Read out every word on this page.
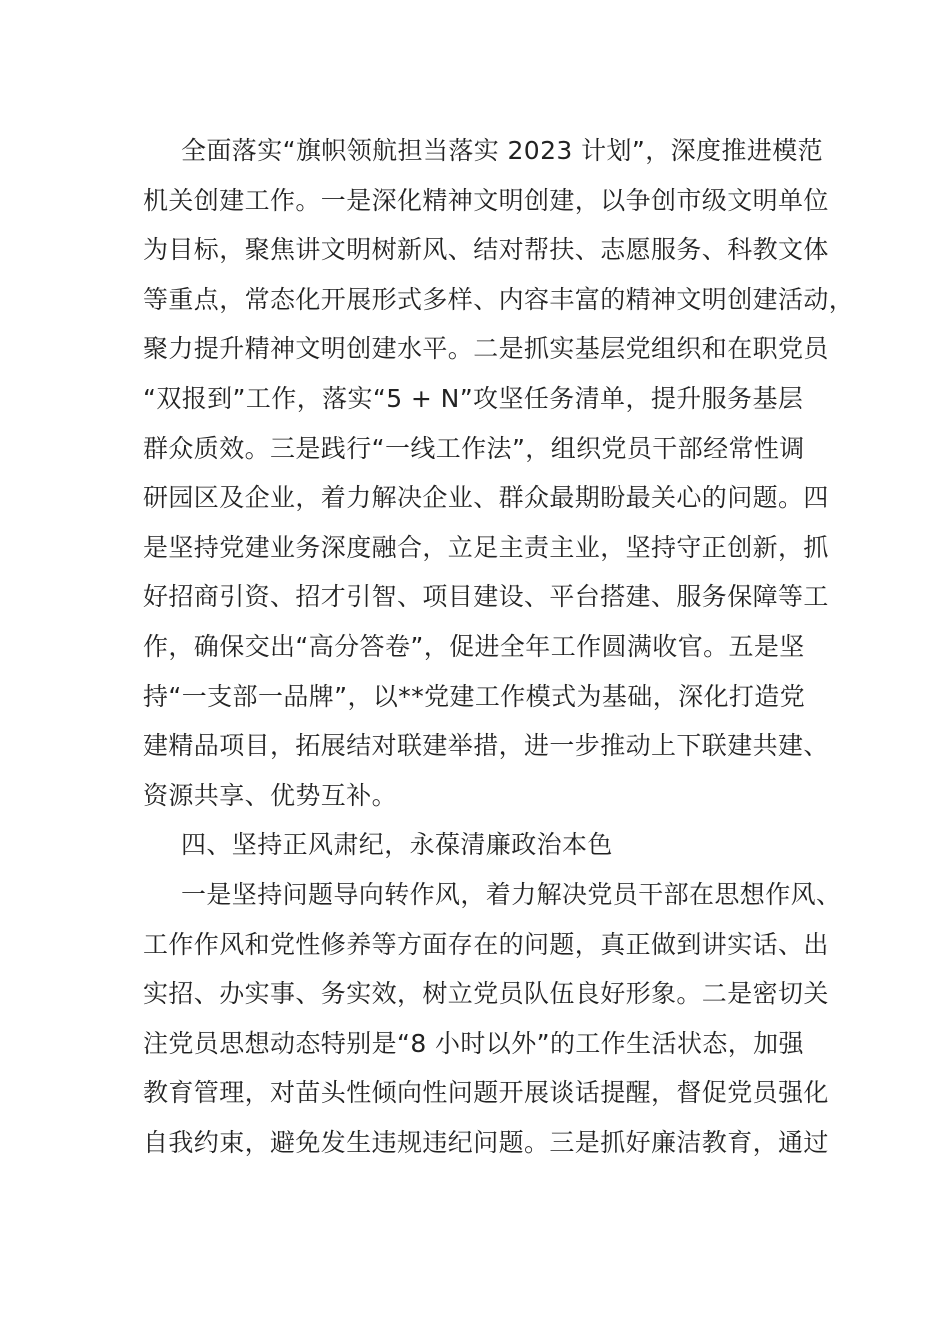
全面落实“旗帜领航担当落实 2023 计划”，深度推进模范
机关创建工作。一是深化精神文明创建，以争创市级文明单位
为目标，聚焦讲文明树新风、结对帮扶、志愿服务、科教文体
等重点，常态化开展形式多样、内容丰富的精神文明创建活动，
聚力提升精神文明创建水平。二是抓实基层党组织和在职党员
“双报到”工作，落实“5 + N”攻坚任务清单，提升服务基层
群众质效。三是践行“一线工作法”，组织党员干部经常性调
研园区及企业，着力解决企业、群众最期盼最关心的问题。四
是坚持党建业务深度融合，立足主责主业，坚持守正创新，抓
好招商引资、招才引智、项目建设、平台搭建、服务保障等工
作，确保交出“高分答卷”，促进全年工作圆满收官。五是坚
持“一支部一品牌”，以**党建工作模式为基础，深化打造党
建精品项目，拓展结对联建举措，进一步推动上下联建共建、
资源共享、优势互补。
四、坚持正风肃纪，永葆清廉政治本色
一是坚持问题导向转作风，着力解决党员干部在思想作风、
工作作风和党性修养等方面存在的问题，真正做到讲实话、出
实招、办实事、务实效，树立党员队伍良好形象。二是密切关
注党员思想动态特别是“8 小时以外”的工作生活状态，加强
教育管理，对苗头性倾向性问题开展谈话提醒，督促党员强化
自我约束，避免发生违规违纪问题。三是抓好廉洁教育，通过
